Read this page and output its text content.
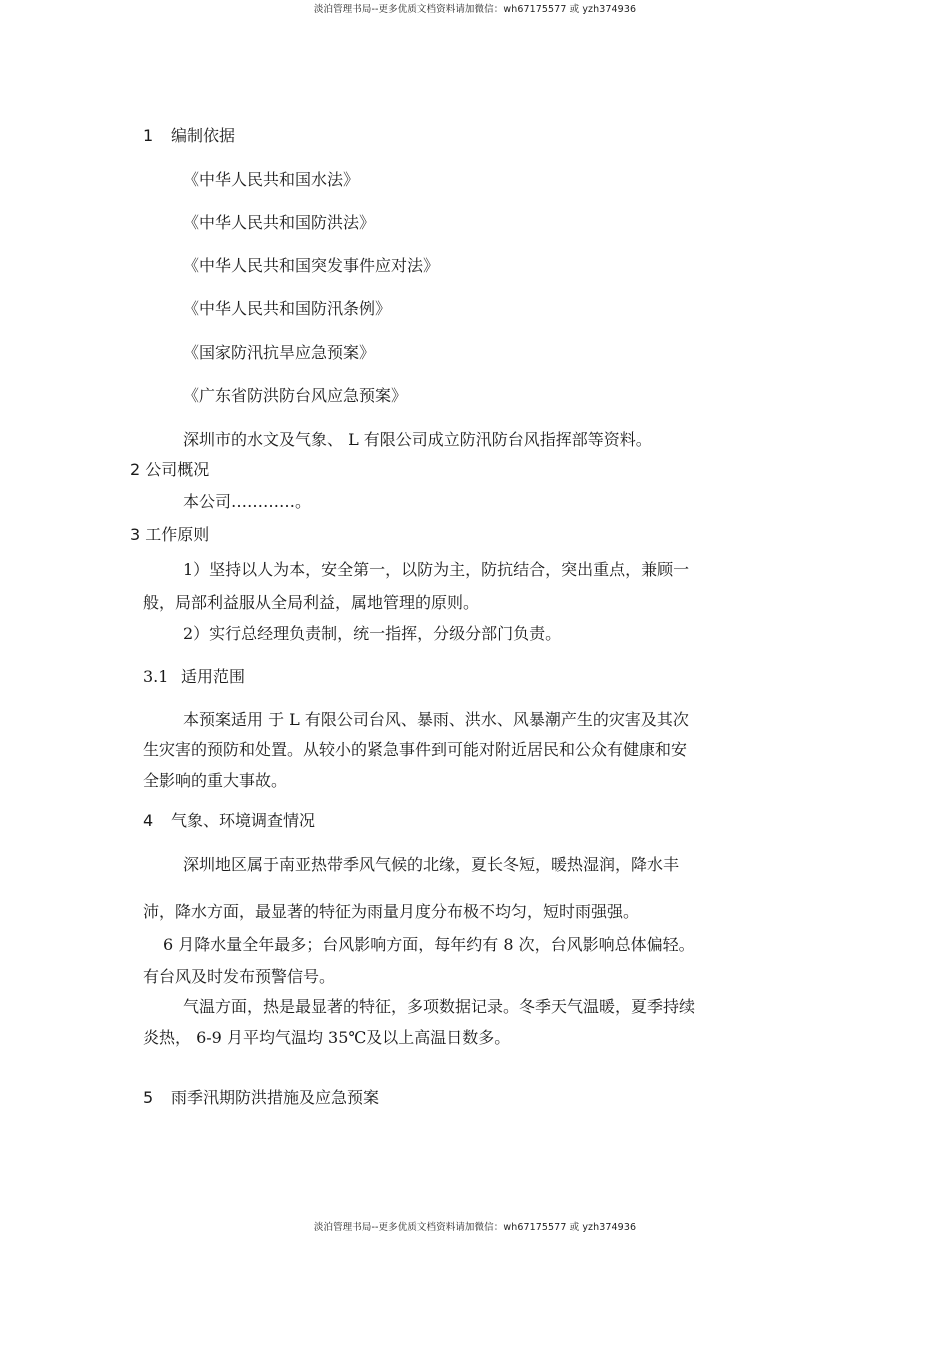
淡泊管理书局--更多优质文档资料请加微信：wh67175577 或 yzh374936
1 编制依据
《中华人民共和国水法》
《中华人民共和国防洪法》
《中华人民共和国突发事件应对法》
《中华人民共和国防汛条例》
《国家防汛抗旱应急预案》
《广东省防洪防台风应急预案》
深圳市的水文及气象、 L 有限公司成立防汛防台风指挥部等资料。
2 公司概况
本公司…………。
3 工作原则
1）坚持以人为本，安全第一，以防为主，防抗结合，突出重点，兼顾一
般，局部利益服从全局利益，属地管理的原则。
2）实行总经理负责制，统一指挥，分级分部门负责。
3.1 适用范围
本预案适用 于 L 有限公司台风、暴雨、洪水、风暴潮产生的灾害及其次
生灾害的预防和处置。从较小的紧急事件到可能对附近居民和公众有健康和安
全影响的重大事故。
4 气象、环境调查情况
深圳地区属于南亚热带季风气候的北缘，夏长冬短，暖热湿润，降水丰
沛，降水方面，最显著的特征为雨量月度分布极不均匀，短时雨强强。
6 月降水量全年最多；台风影响方面，每年约有 8 次，台风影响总体偏轻。
有台风及时发布预警信号。
气温方面，热是最显著的特征，多项数据记录。冬季天气温暖，夏季持续
炎热， 6-9 月平均气温均 35℃及以上高温日数多。
5 雨季汛期防洪措施及应急预案
淡泊管理书局--更多优质文档资料请加微信：wh67175577 或 yzh374936
